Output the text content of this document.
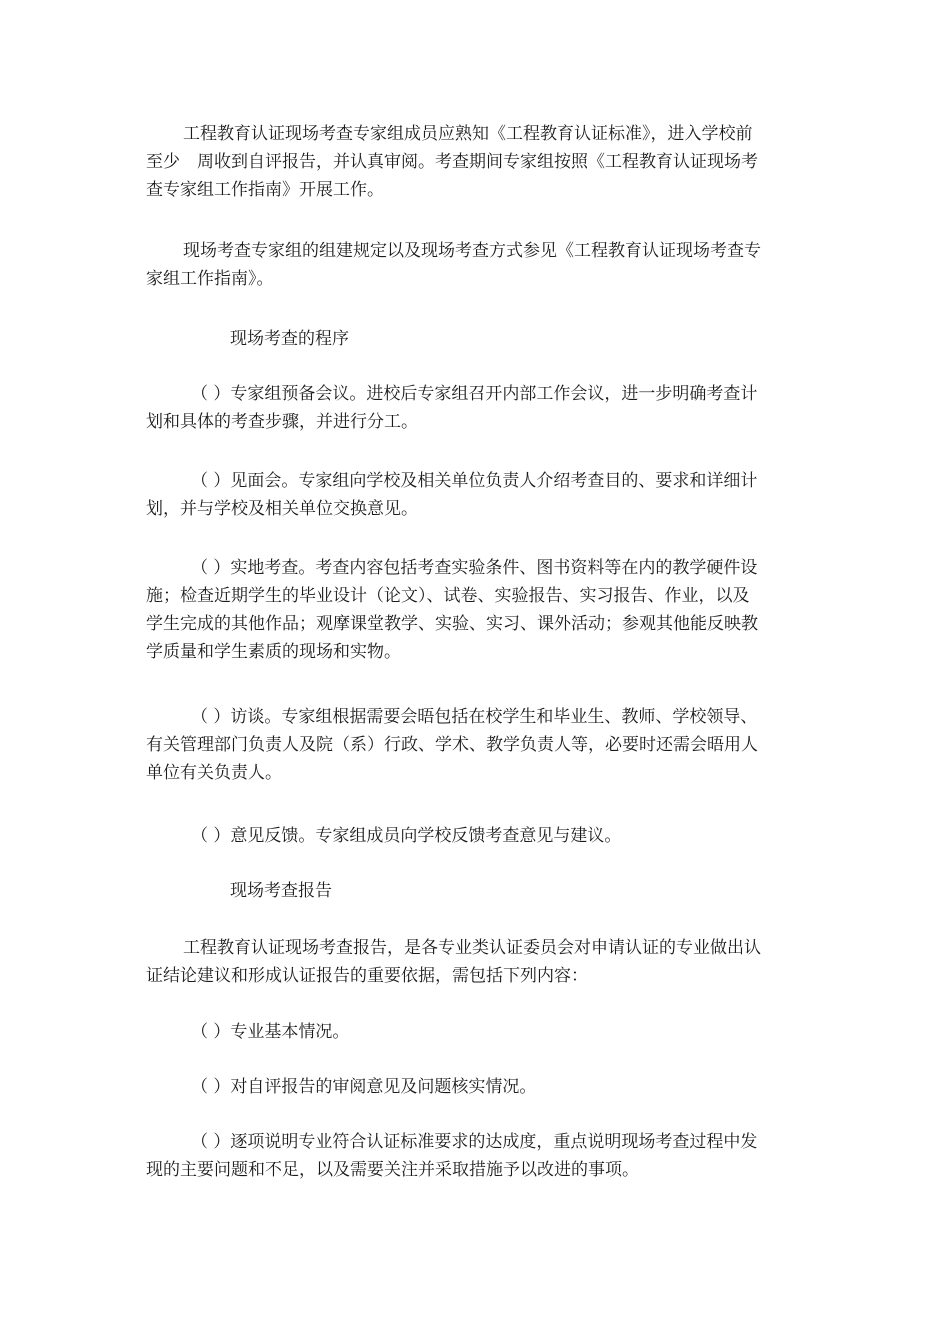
工程教育认证现场考查专家组成员应熟知《工程教育认证标准》，进入学校前
至少　周收到自评报告，并认真审阅。考查期间专家组按照《工程教育认证现场考
查专家组工作指南》开展工作。

现场考查专家组的组建规定以及现场考查方式参见《工程教育认证现场考查专
家组工作指南》。

现场考查的程序

（ ）专家组预备会议。进校后专家组召开内部工作会议，进一步明确考查计
划和具体的考查步骤，并进行分工。

（ ）见面会。专家组向学校及相关单位负责人介绍考查目的、要求和详细计
划，并与学校及相关单位交换意见。

（ ）实地考查。考查内容包括考查实验条件、图书资料等在内的教学硬件设
施；检查近期学生的毕业设计（论文）、试卷、实验报告、实习报告、作业，以及
学生完成的其他作品；观摩课堂教学、实验、实习、课外活动；参观其他能反映教
学质量和学生素质的现场和实物。

（ ）访谈。专家组根据需要会晤包括在校学生和毕业生、教师、学校领导、
有关管理部门负责人及院（系）行政、学术、教学负责人等，必要时还需会晤用人
单位有关负责人。

（ ）意见反馈。专家组成员向学校反馈考查意见与建议。

现场考查报告

工程教育认证现场考查报告，是各专业类认证委员会对申请认证的专业做出认
证结论建议和形成认证报告的重要依据，需包括下列内容：

（ ）专业基本情况。

（ ）对自评报告的审阅意见及问题核实情况。

（ ）逐项说明专业符合认证标准要求的达成度，重点说明现场考查过程中发
现的主要问题和不足，以及需要关注并采取措施予以改进的事项。
